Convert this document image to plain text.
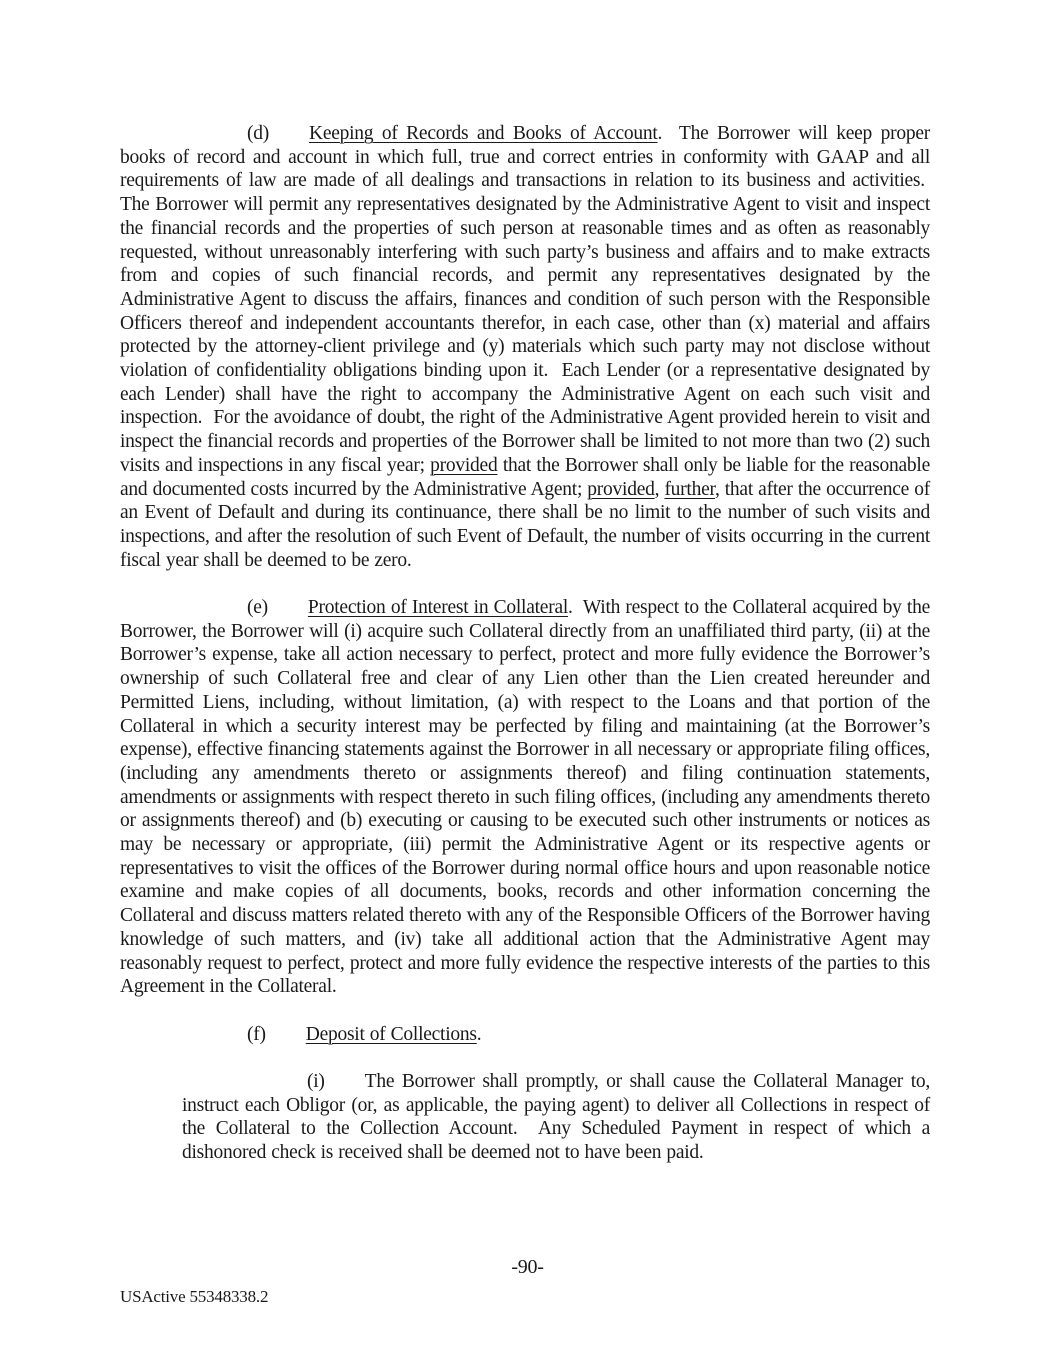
(d) Keeping of Records and Books of Account.  The Borrower will keep proper books of record and account in which full, true and correct entries in conformity with GAAP and all requirements of law are made of all dealings and transactions in relation to its business and activities.  The Borrower will permit any representatives designated by the Administrative Agent to visit and inspect the financial records and the properties of such person at reasonable times and as often as reasonably requested, without unreasonably interfering with such party’s business and affairs and to make extracts from and copies of such financial records, and permit any representatives designated by the Administrative Agent to discuss the affairs, finances and condition of such person with the Responsible Officers thereof and independent accountants therefor, in each case, other than (x) material and affairs protected by the attorney-client privilege and (y) materials which such party may not disclose without violation of confidentiality obligations binding upon it.  Each Lender (or a representative designated by each Lender) shall have the right to accompany the Administrative Agent on each such visit and inspection.  For the avoidance of doubt, the right of the Administrative Agent provided herein to visit and inspect the financial records and properties of the Borrower shall be limited to not more than two (2) such visits and inspections in any fiscal year; provided that the Borrower shall only be liable for the reasonable and documented costs incurred by the Administrative Agent; provided, further, that after the occurrence of an Event of Default and during its continuance, there shall be no limit to the number of such visits and inspections, and after the resolution of such Event of Default, the number of visits occurring in the current fiscal year shall be deemed to be zero.

(e) Protection of Interest in Collateral.  With respect to the Collateral acquired by the Borrower, the Borrower will (i) acquire such Collateral directly from an unaffiliated third party, (ii) at the Borrower’s expense, take all action necessary to perfect, protect and more fully evidence the Borrower’s ownership of such Collateral free and clear of any Lien other than the Lien created hereunder and Permitted Liens, including, without limitation, (a) with respect to the Loans and that portion of the Collateral in which a security interest may be perfected by filing and maintaining (at the Borrower’s expense), effective financing statements against the Borrower in all necessary or appropriate filing offices, (including any amendments thereto or assignments thereof) and filing continuation statements, amendments or assignments with respect thereto in such filing offices, (including any amendments thereto or assignments thereof) and (b) executing or causing to be executed such other instruments or notices as may be necessary or appropriate, (iii) permit the Administrative Agent or its respective agents or representatives to visit the offices of the Borrower during normal office hours and upon reasonable notice examine and make copies of all documents, books, records and other information concerning the Collateral and discuss matters related thereto with any of the Responsible Officers of the Borrower having knowledge of such matters, and (iv) take all additional action that the Administrative Agent may reasonably request to perfect, protect and more fully evidence the respective interests of the parties to this Agreement in the Collateral.

(f) Deposit of Collections.

(i) The Borrower shall promptly, or shall cause the Collateral Manager to, instruct each Obligor (or, as applicable, the paying agent) to deliver all Collections in respect of the Collateral to the Collection Account.  Any Scheduled Payment in respect of which a dishonored check is received shall be deemed not to have been paid.

-90-
USActive 55348338.2
